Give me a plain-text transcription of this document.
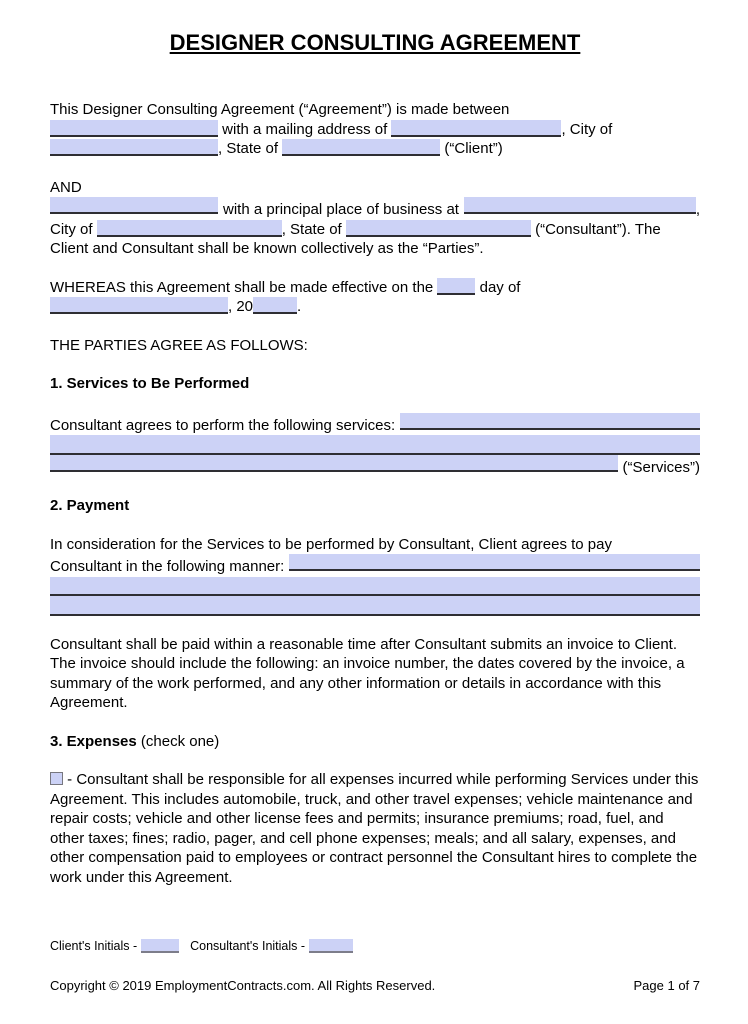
DESIGNER CONSULTING AGREEMENT
This Designer Consulting Agreement (“Agreement”) is made between
with a mailing address of	, City of
, State of	(“Client”)
AND
with a principal place of business at	,
City of	, State of	(“Consultant”). The
Client and Consultant shall be known collectively as the “Parties”.
WHEREAS this Agreement shall be made effective on the	day of
, 20	.
THE PARTIES AGREE AS FOLLOWS:
1. Services to Be Performed
Consultant agrees to perform the following services:
(“Services”)
2. Payment
In consideration for the Services to be performed by Consultant, Client agrees to pay
Consultant in the following manner:

Consultant shall be paid within a reasonable time after Consultant submits an invoice to Client. The invoice should include the following: an invoice number, the dates covered by the invoice, a summary of the work performed, and any other information or details in accordance with this Agreement.

3. Expenses (check one)

- Consultant shall be responsible for all expenses incurred while performing Services under this Agreement. This includes automobile, truck, and other travel expenses; vehicle maintenance and repair costs; vehicle and other license fees and permits; insurance premiums; road, fuel, and other taxes; fines; radio, pager, and cell phone expenses; meals; and all salary, expenses, and other compensation paid to employees or contract personnel the Consultant hires to complete the work under this Agreement.

Client's Initials -	Consultant's Initials -
Copyright © 2019 EmploymentContracts.com. All Rights Reserved.	Page 1 of 7
